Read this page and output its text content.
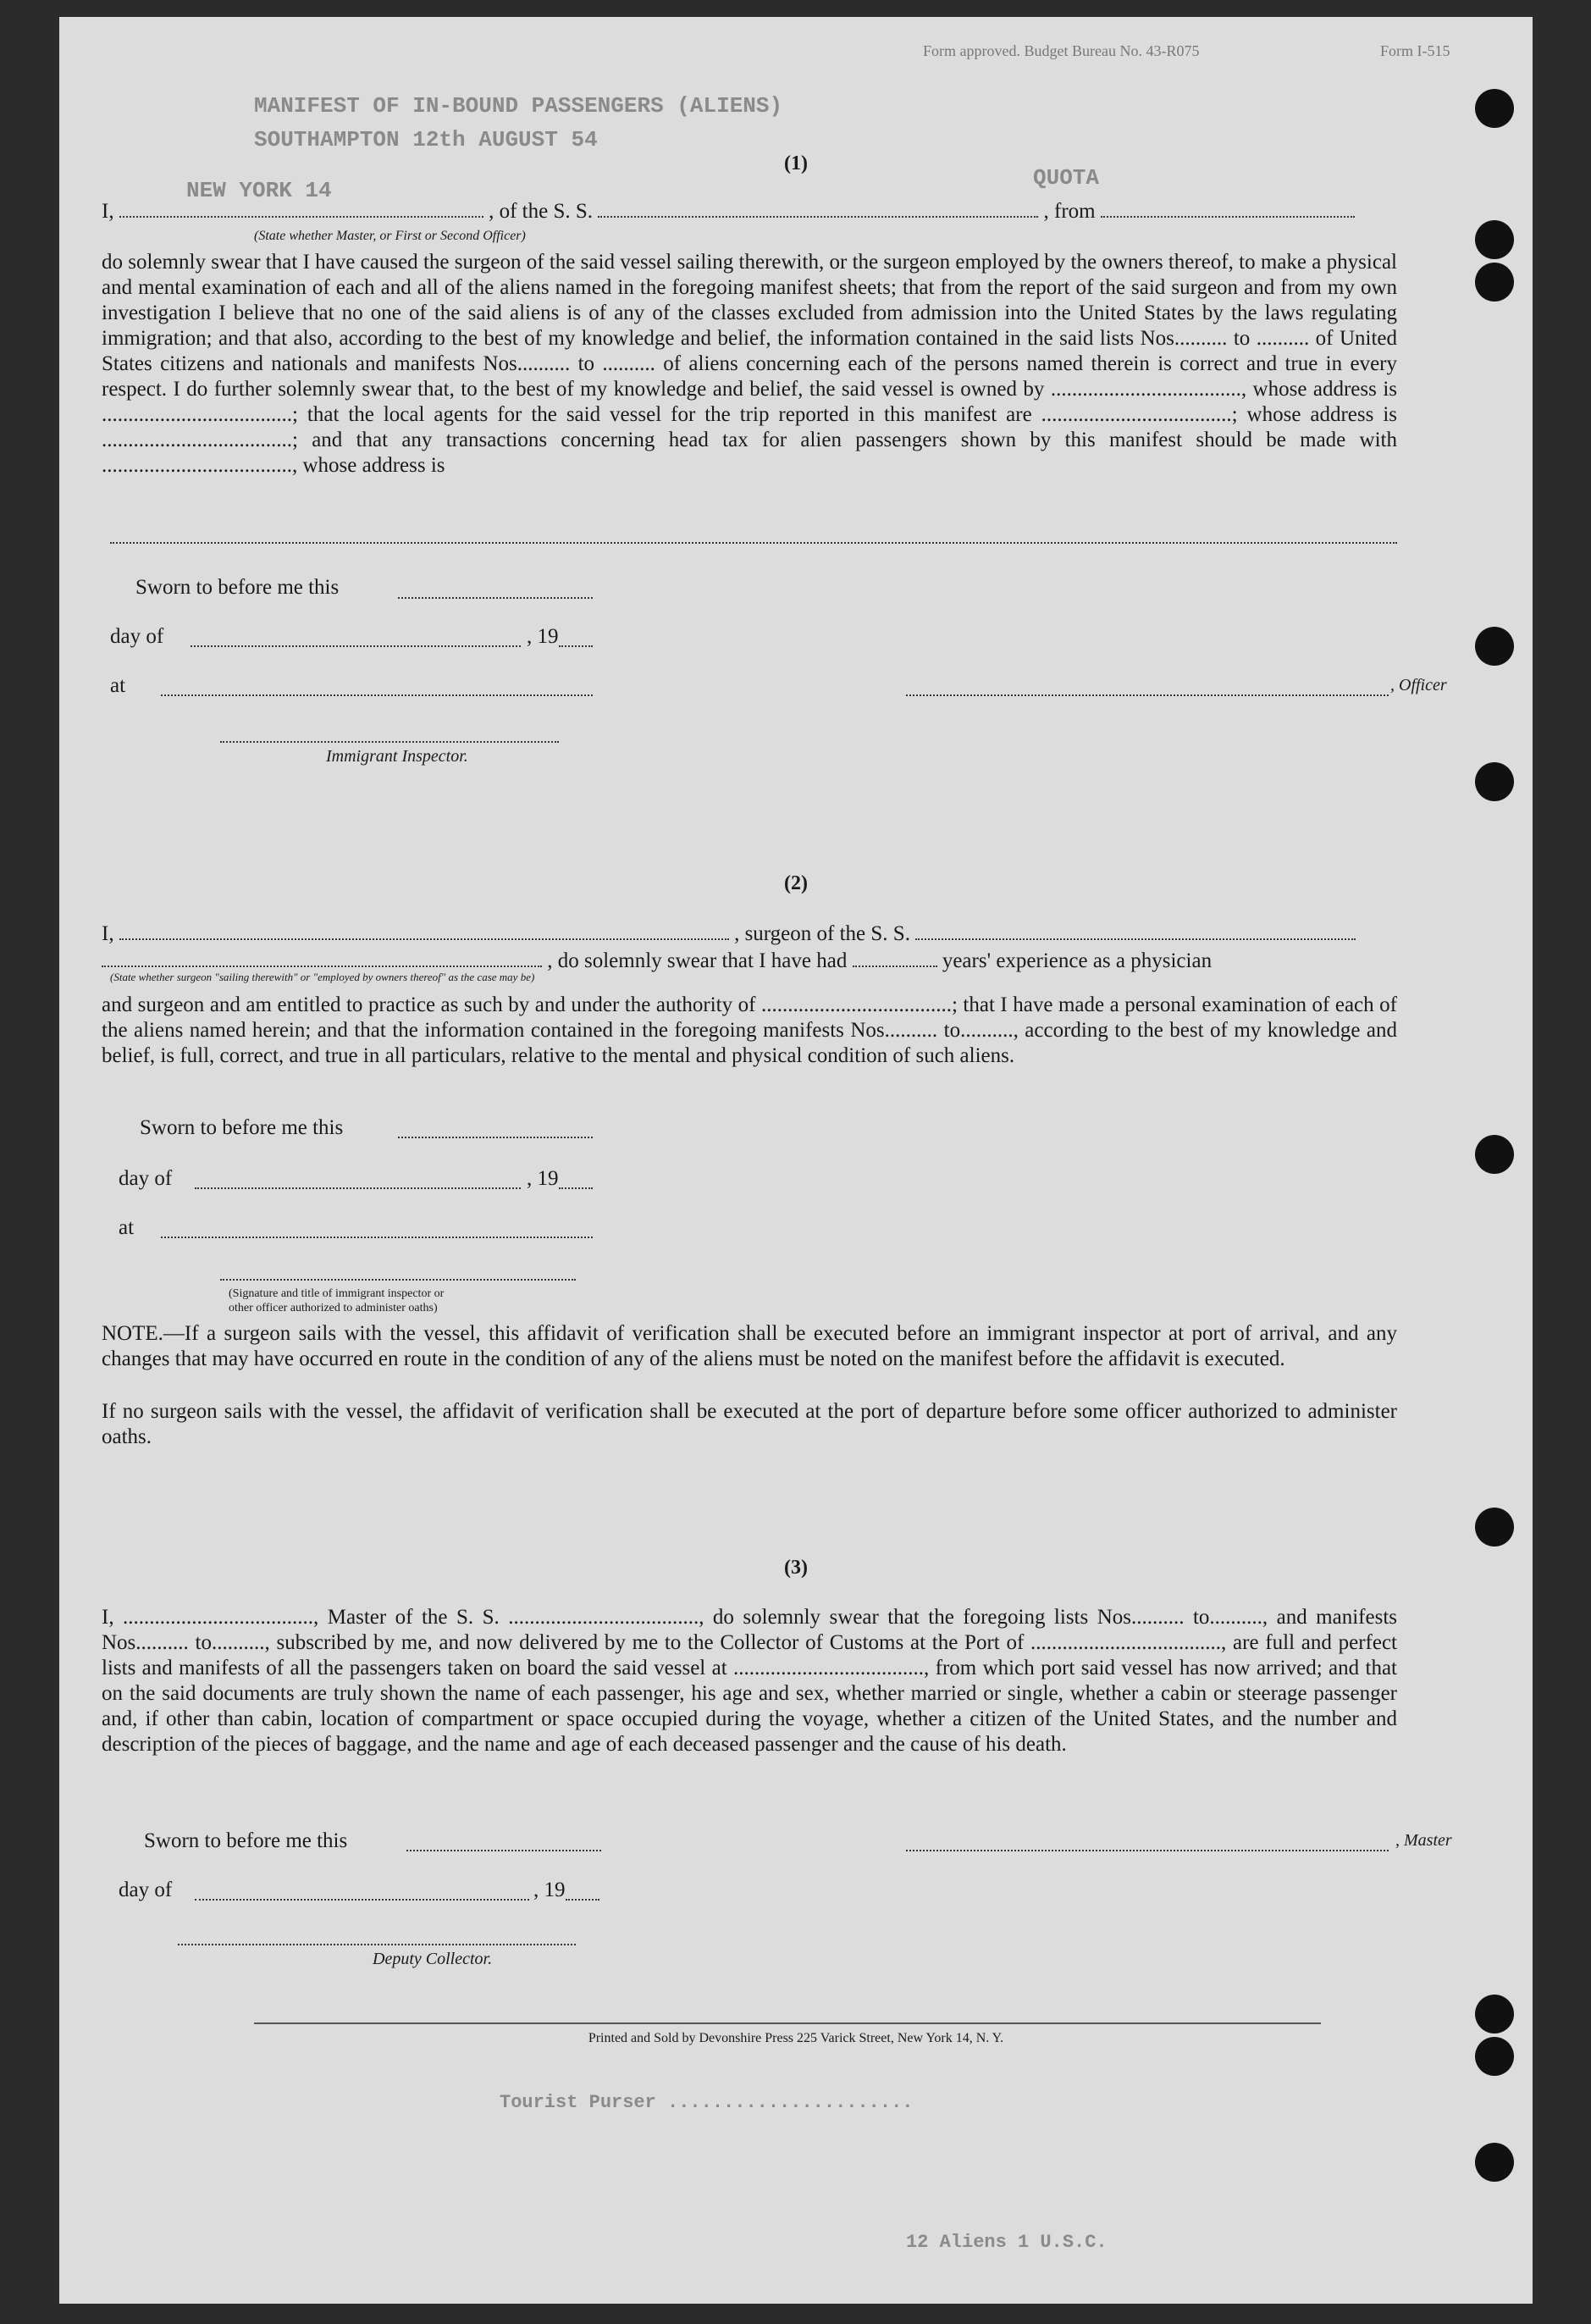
MANIFEST OF IN-BOUND PASSENGERS (ALIENS)
SOUTHAMPTON 12th AUGUST 54
NEW YORK 14	QUOTA
Form approved. Budget Bureau No. 43-R075	Form I-515
(1)
I,	, of the S. S.	, from
(State whether Master, or First or Second Officer)
do solemnly swear that I have caused the surgeon of the said vessel sailing therewith, or the surgeon employed by the owners thereof, to make a physical and mental examination of each and all of the aliens named in the foregoing manifest sheets; that from the report of the said surgeon and from my own investigation I believe that no one of the said aliens is of any of the classes excluded from admission into the United States by the laws regulating immigration; and that also, according to the best of my knowledge and belief, the information contained in the said lists Nos.......... to .......... of United States citizens and nationals and manifests Nos.......... to .......... of aliens concerning each of the persons named therein is correct and true in every respect. I do further solemnly swear that, to the best of my knowledge and belief, the said vessel is owned by ...................................., whose address is ....................................; that the local agents for the said vessel for the trip reported in this manifest are ....................................; whose address is ....................................; and that any transactions concerning head tax for alien passengers shown by this manifest should be made with ...................................., whose address is
Sworn to before me this
day of	, 19
at	, Officer
Immigrant Inspector.
(2)
I,	, surgeon of the S. S.
, do solemnly swear that I have had	years' experience as a physician
(State whether surgeon "sailing therewith" or "employed by owners thereof" as the case may be)
and surgeon and am entitled to practice as such by and under the authority of ....................................; that I have made a personal examination of each of the aliens named herein; and that the information contained in the foregoing manifests Nos.......... to.........., according to the best of my knowledge and belief, is full, correct, and true in all particulars, relative to the mental and physical condition of such aliens.
Sworn to before me this
day of	, 19
at
(Signature and title of immigrant inspector or
other officer authorized to administer oaths)
NOTE.—If a surgeon sails with the vessel, this affidavit of verification shall be executed before an immigrant inspector at port of arrival, and any changes that may have occurred en route in the condition of any of the aliens must be noted on the manifest before the affidavit is executed.
If no surgeon sails with the vessel, the affidavit of verification shall be executed at the port of departure before some officer authorized to administer oaths.
(3)
I, ...................................., Master of the S. S. ...................................., do solemnly swear that the foregoing lists Nos.......... to.........., and manifests Nos.......... to.........., subscribed by me, and now delivered by me to the Collector of Customs at the Port of ...................................., are full and perfect lists and manifests of all the passengers taken on board the said vessel at ...................................., from which port said vessel has now arrived; and that on the said documents are truly shown the name of each passenger, his age and sex, whether married or single, whether a cabin or steerage passenger and, if other than cabin, location of compartment or space occupied during the voyage, whether a citizen of the United States, and the number and description of the pieces of baggage, and the name and age of each deceased passenger and the cause of his death.
Sworn to before me this
day of	, 19
, Master
Deputy Collector.
Printed and Sold by Devonshire Press 225 Varick Street, New York 14, N. Y.
Tourist Purser ......................
12 Aliens 1 U.S.C.
